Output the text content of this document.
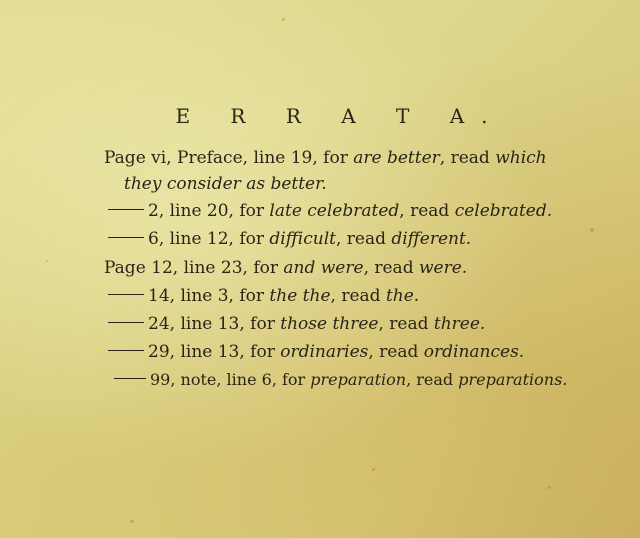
E R R A T A.
Page vi, Preface, line 19, for are better, read which
they consider as better.
2, line 20, for late celebrated, read celebrated.
6, line 12, for difficult, read different.
Page 12, line 23, for and were, read were.
14, line 3, for the the, read the.
24, line 13, for those three, read three.
29, line 13, for ordinaries, read ordinances.
99, note, line 6, for preparation, read preparations.
